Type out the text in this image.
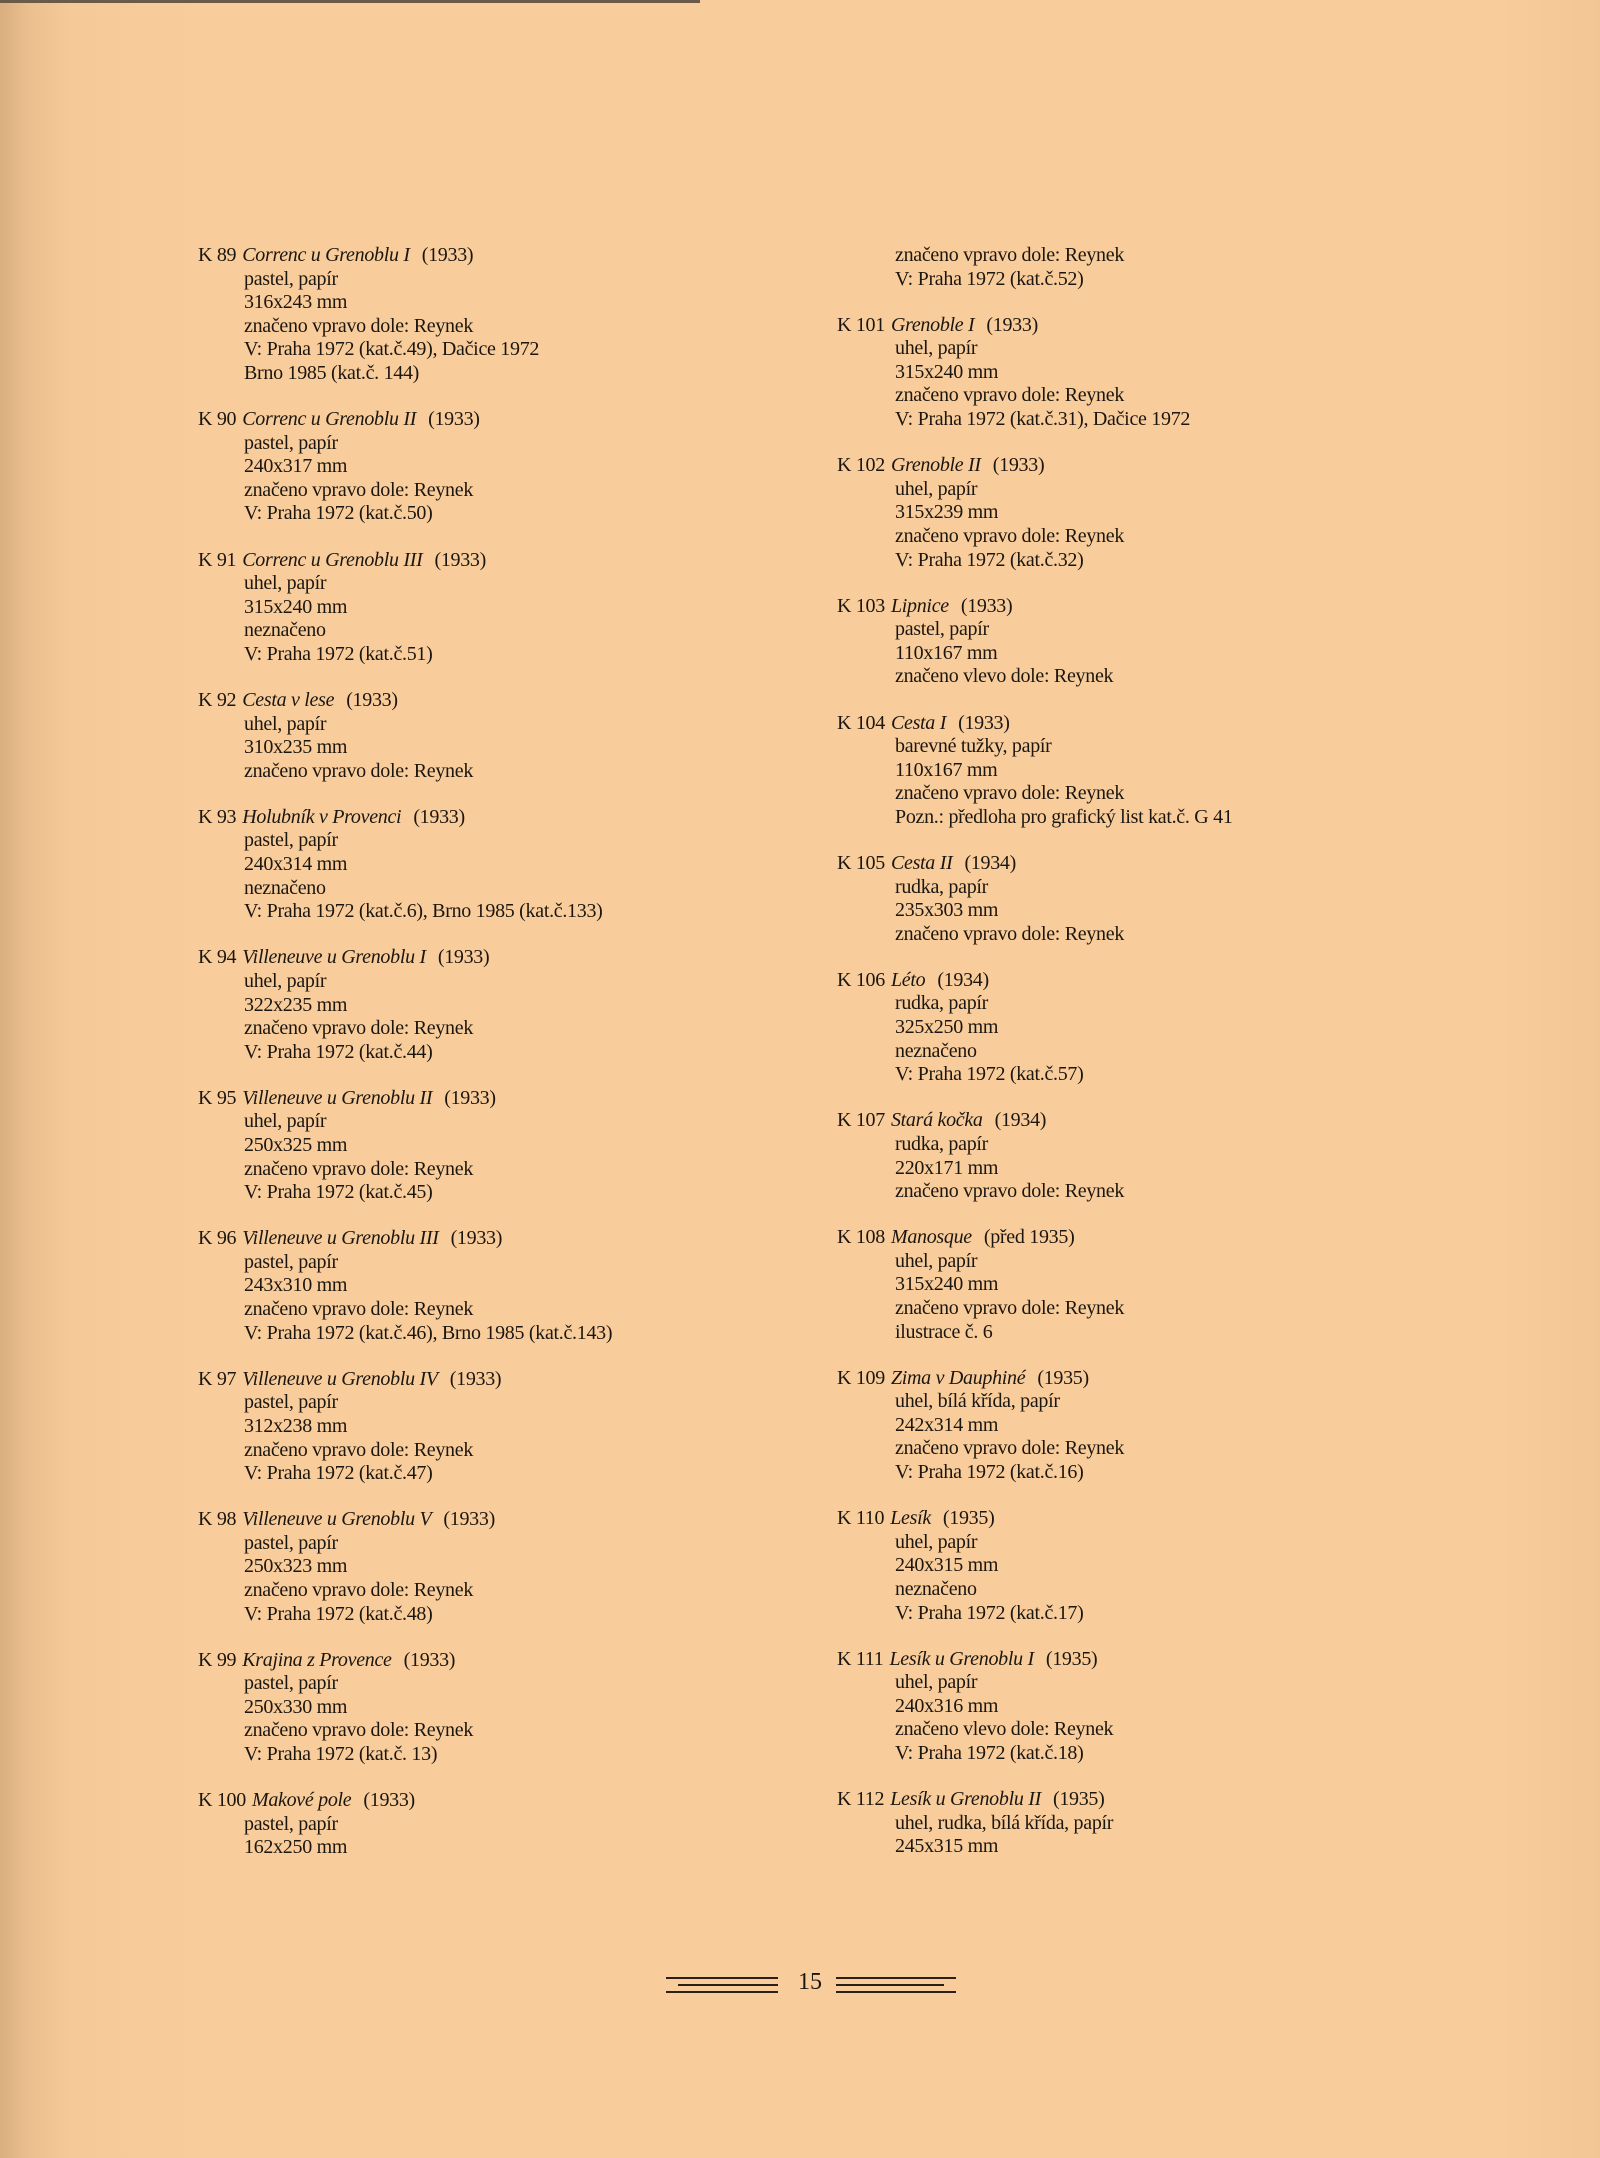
K 89 Correnc u Grenoblu I (1933)
pastel, papír
316x243 mm
značeno vpravo dole: Reynek
V: Praha 1972 (kat.č.49), Dačice 1972
Brno 1985 (kat.č. 144)
K 90 Correnc u Grenoblu II (1933)
pastel, papír
240x317 mm
značeno vpravo dole: Reynek
V: Praha 1972 (kat.č.50)
K 91 Correnc u Grenoblu III (1933)
uhel, papír
315x240 mm
neznačeno
V: Praha 1972 (kat.č.51)
K 92 Cesta v lese (1933)
uhel, papír
310x235 mm
značeno vpravo dole: Reynek
K 93 Holubník v Provenci (1933)
pastel, papír
240x314 mm
neznačeno
V: Praha 1972 (kat.č.6), Brno 1985 (kat.č.133)
K 94 Villeneuve u Grenoblu I (1933)
uhel, papír
322x235 mm
značeno vpravo dole: Reynek
V: Praha 1972 (kat.č.44)
K 95 Villeneuve u Grenoblu II (1933)
uhel, papír
250x325 mm
značeno vpravo dole: Reynek
V: Praha 1972 (kat.č.45)
K 96 Villeneuve u Grenoblu III (1933)
pastel, papír
243x310 mm
značeno vpravo dole: Reynek
V: Praha 1972 (kat.č.46), Brno 1985 (kat.č.143)
K 97 Villeneuve u Grenoblu IV (1933)
pastel, papír
312x238 mm
značeno vpravo dole: Reynek
V: Praha 1972 (kat.č.47)
K 98 Villeneuve u Grenoblu V (1933)
pastel, papír
250x323 mm
značeno vpravo dole: Reynek
V: Praha 1972 (kat.č.48)
K 99 Krajina z Provence (1933)
pastel, papír
250x330 mm
značeno vpravo dole: Reynek
V: Praha 1972 (kat.č. 13)
K 100 Makové pole (1933)
pastel, papír
162x250 mm
značeno vpravo dole: Reynek
V: Praha 1972 (kat.č.52)
K 101 Grenoble I (1933)
uhel, papír
315x240 mm
značeno vpravo dole: Reynek
V: Praha 1972 (kat.č.31), Dačice 1972
K 102 Grenoble II (1933)
uhel, papír
315x239 mm
značeno vpravo dole: Reynek
V: Praha 1972 (kat.č.32)
K 103 Lipnice (1933)
pastel, papír
110x167 mm
značeno vlevo dole: Reynek
K 104 Cesta I (1933)
barevné tužky, papír
110x167 mm
značeno vpravo dole: Reynek
Pozn.: předloha pro grafický list kat.č. G 41
K 105 Cesta II (1934)
rudka, papír
235x303 mm
značeno vpravo dole: Reynek
K 106 Léto (1934)
rudka, papír
325x250 mm
neznačeno
V: Praha 1972 (kat.č.57)
K 107 Stará kočka (1934)
rudka, papír
220x171 mm
značeno vpravo dole: Reynek
K 108 Manosque (před 1935)
uhel, papír
315x240 mm
značeno vpravo dole: Reynek
ilustrace č. 6
K 109 Zima v Dauphiné (1935)
uhel, bílá křída, papír
242x314 mm
značeno vpravo dole: Reynek
V: Praha 1972 (kat.č.16)
K 110 Lesík (1935)
uhel, papír
240x315 mm
neznačeno
V: Praha 1972 (kat.č.17)
K 111 Lesík u Grenoblu I (1935)
uhel, papír
240x316 mm
značeno vlevo dole: Reynek
V: Praha 1972 (kat.č.18)
K 112 Lesík u Grenoblu II (1935)
uhel, rudka, bílá křída, papír
245x315 mm
15
